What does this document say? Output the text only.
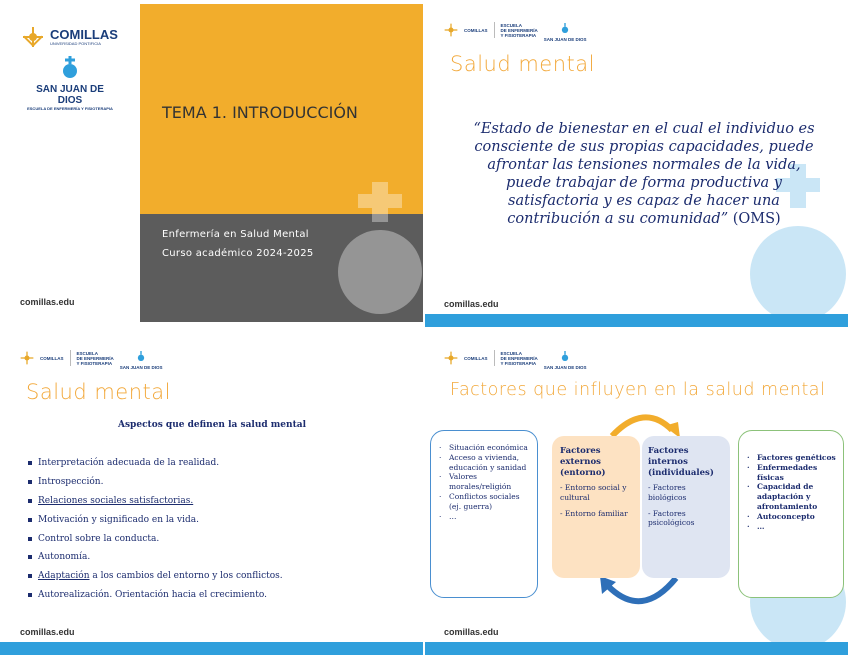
COMILLAS
UNIVERSIDAD PONTIFICIA
SAN JUAN DE DIOS
ESCUELA DE ENFERMERÍA Y FISIOTERAPIA	TEMA 1. INTRODUCCIÓN
Enfermería en Salud Mental
Curso académico 2024-2025
comillas.edu
COMILLAS
ESCUELA
DE ENFERMERÍA
Y FISIOTERAPIA
SAN JUAN DE DIOS
Salud mental
“Estado de bienestar en el cual el individuo es consciente de sus propias capacidades, puede afrontar las tensiones normales de la vida, puede trabajar de forma productiva y satisfactoria y es capaz de hacer una contribución a su comunidad” (OMS)
comillas.edu
COMILLAS
ESCUELA
DE ENFERMERÍA
Y FISIOTERAPIA
SAN JUAN DE DIOS
Salud mental
Aspectos que definen la salud mental
Interpretación adecuada de la realidad.
Introspección.
Relaciones sociales satisfactorias.
Motivación y significado en la vida.
Control sobre la conducta.
Autonomía.
Adaptación a los cambios del entorno y los conflictos.
Autorealización. Orientación hacia el crecimiento.
comillas.edu
COMILLAS
ESCUELA
DE ENFERMERÍA
Y FISIOTERAPIA
SAN JUAN DE DIOS
Factores que influyen en la salud mental
·	Situación económica
·	Acceso a vivienda, educación y sanidad
·	Valores morales/religión
·	Conflictos sociales (ej. guerra)
·	…
Factores externos (entorno)

- Entorno social y cultural

- Entorno familiar

Factores internos (individuales)

- Factores biológicos

- Factores psicológicos

· Factores genéticos
· Enfermedades físicas
· Capacidad de adaptación y afrontamiento
· Autoconcepto
· …
comillas.edu
